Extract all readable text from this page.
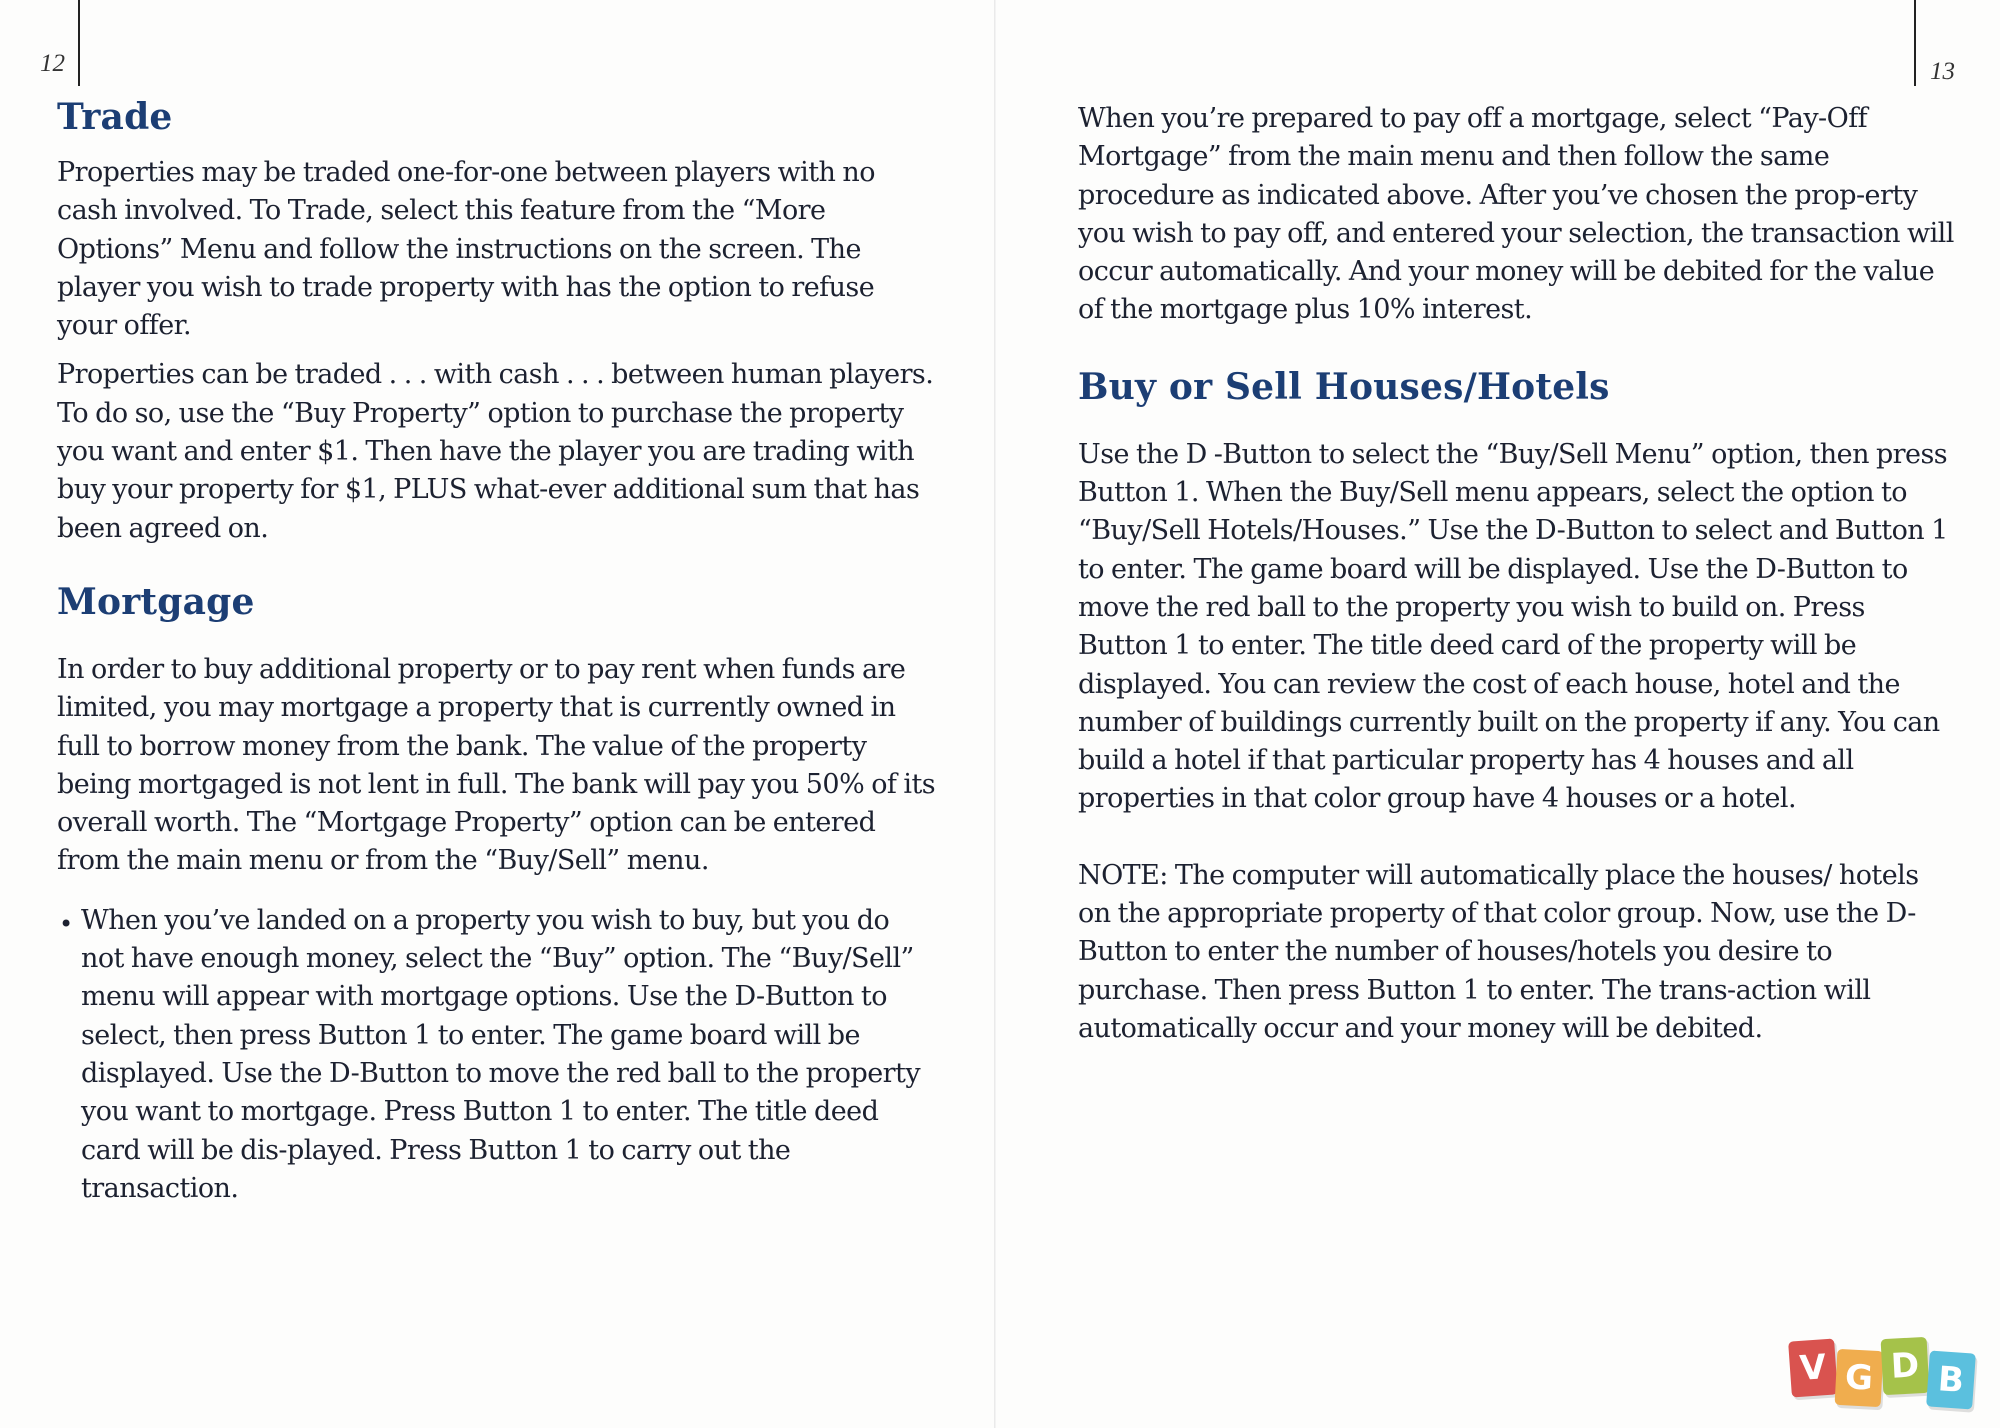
12
Trade

Properties may be traded one-for-one between players with no cash involved. To Trade, select this feature from the “More Options” Menu and follow the instructions on the screen. The player you wish to trade property with has the option to refuse your offer.

Properties can be traded . . . with cash . . . between human players. To do so, use the “Buy Property” option to purchase the property you want and enter $1. Then have the player you are trading with buy your property for $1, PLUS what-ever additional sum that has been agreed on.

Mortgage

In order to buy additional property or to pay rent when funds are limited, you may mortgage a property that is currently owned in full to borrow money from the bank. The value of the property being mortgaged is not lent in full. The bank will pay you 50% of its overall worth. The “Mortgage Property” option can be entered from the main menu or from the “Buy/Sell” menu.

• When you’ve landed on a property you wish to buy, but you do not have enough money, select the “Buy” option. The “Buy/Sell” menu will appear with mortgage options. Use the D-Button to select, then press Button 1 to enter. The game board will be displayed. Use the D-Button to move the red ball to the property you want to mortgage. Press Button 1 to enter. The title deed card will be dis-played. Press Button 1 to carry out the transaction.

13

When you’re prepared to pay off a mortgage, select “Pay-Off Mortgage” from the main menu and then follow the same procedure as indicated above. After you’ve chosen the prop-erty you wish to pay off, and entered your selection, the transaction will occur automatically. And your money will be debited for the value of the mortgage plus 10% interest.

Buy or Sell Houses/Hotels

Use the D -Button to select the “Buy/Sell Menu” option, then press Button 1. When the Buy/Sell menu appears, select the option to “Buy/Sell Hotels/Houses.” Use the D-Button to select and Button 1 to enter. The game board will be displayed. Use the D-Button to move the red ball to the property you wish to build on. Press Button 1 to enter. The title deed card of the property will be displayed. You can review the cost of each house, hotel and the number of buildings currently built on the property if any. You can build a hotel if that particular property has 4 houses and all properties in that color group have 4 houses or a hotel.

NOTE: The computer will automatically place the houses/ hotels on the appropriate property of that color group. Now, use the D-Button to enter the number of houses/hotels you desire to purchase. Then press Button 1 to enter. The trans-action will automatically occur and your money will be debited.

V G D B
